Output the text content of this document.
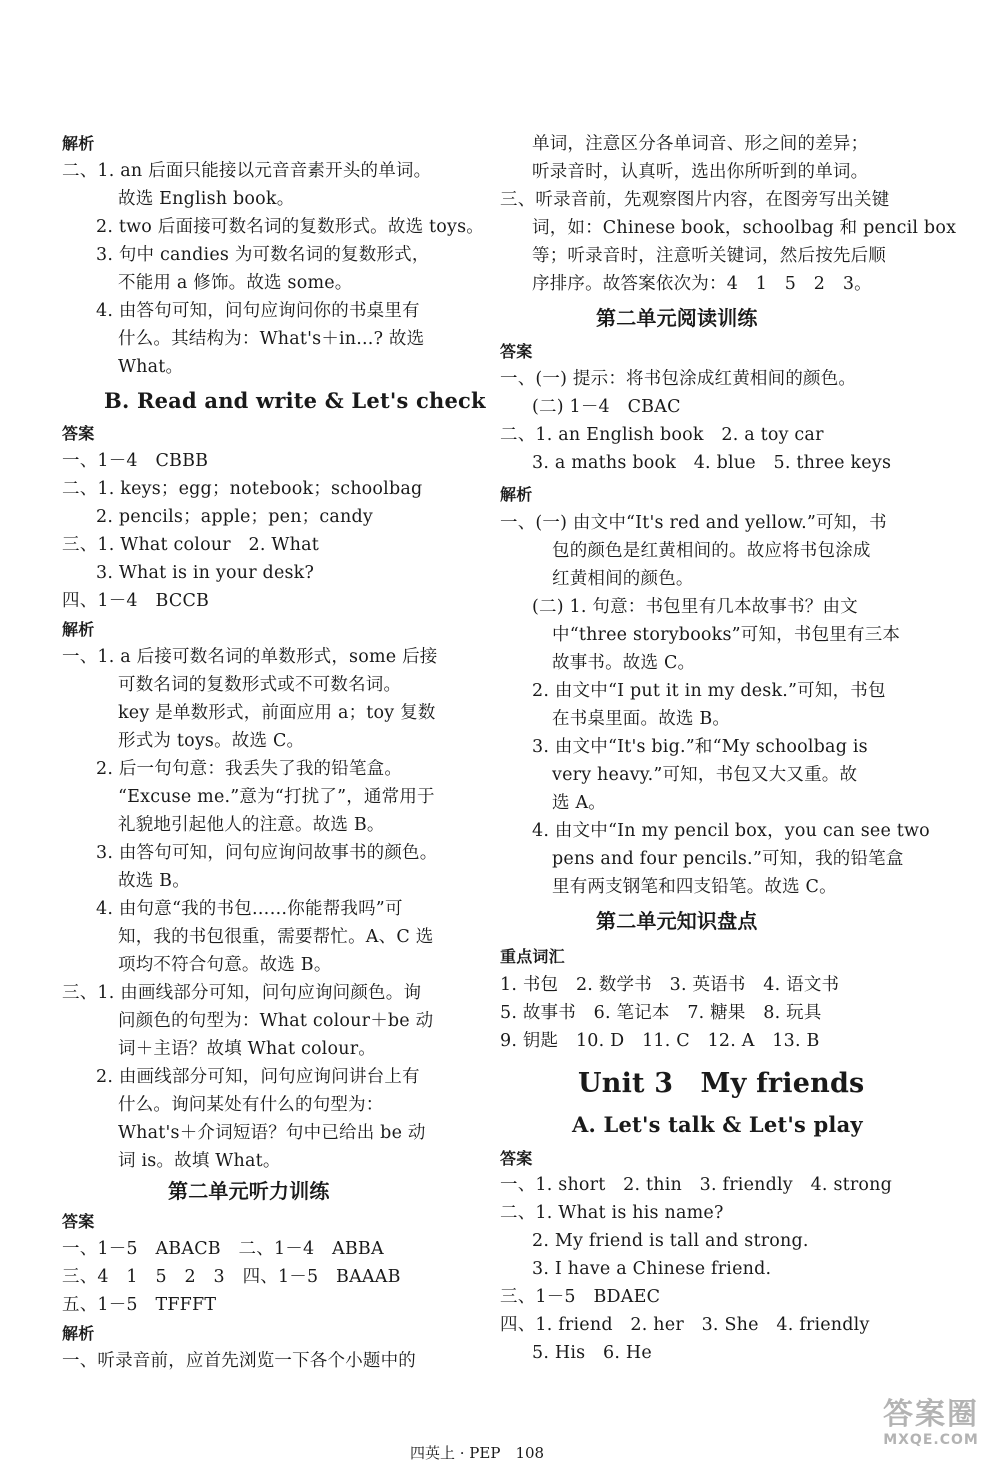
解析
二、1. an 后面只能接以元音音素开头的单词。
故选 English book。
2. two 后面接可数名词的复数形式。故选 toys。
3. 句中 candies 为可数名词的复数形式，
不能用 a 修饰。故选 some。
4. 由答句可知，问句应询问你的书桌里有
什么。其结构为：What's＋in...? 故选
What。
B. Read and write & Let's check
答案
一、1－4　CBBB
二、1. keys；egg；notebook；schoolbag
2. pencils；apple；pen；candy
三、1. What colour　2. What
3. What is in your desk?
四、1－4　BCCB
解析
一、1. a 后接可数名词的单数形式，some 后接
可数名词的复数形式或不可数名词。
key 是单数形式，前面应用 a；toy 复数
形式为 toys。故选 C。
2. 后一句句意：我丢失了我的铅笔盒。
“Excuse me.”意为“打扰了”，通常用于
礼貌地引起他人的注意。故选 B。
3. 由答句可知，问句应询问故事书的颜色。
故选 B。
4. 由句意“我的书包……你能帮我吗”可
知，我的书包很重，需要帮忙。A、C 选
项均不符合句意。故选 B。
三、1. 由画线部分可知，问句应询问颜色。询
问颜色的句型为：What colour＋be 动
词＋主语？故填 What colour。
2. 由画线部分可知，问句应询问讲台上有
什么。询问某处有什么的句型为：
What's＋介词短语？句中已给出 be 动
词 is。故填 What。
第二单元听力训练
答案
一、1－5　ABACB　二、1－4　ABBA
三、4　1　5　2　3　四、1－5　BAAAB
五、1－5　TFFFT
解析
一、听录音前，应首先浏览一下各个小题中的
单词，注意区分各单词音、形之间的差异；
听录音时，认真听，选出你所听到的单词。
三、听录音前，先观察图片内容，在图旁写出关键
词，如：Chinese book，schoolbag 和 pencil box
等；听录音时，注意听关键词，然后按先后顺
序排序。故答案依次为：4　1　5　2　3。
第二单元阅读训练
答案
一、(一) 提示：将书包涂成红黄相间的颜色。
(二) 1－4　CBAC
二、1. an English book　2. a toy car
3. a maths book　4. blue　5. three keys
解析
一、(一) 由文中“It's red and yellow.”可知，书
包的颜色是红黄相间的。故应将书包涂成
红黄相间的颜色。
(二) 1. 句意：书包里有几本故事书？由文
中“three storybooks”可知，书包里有三本
故事书。故选 C。
2. 由文中“I put it in my desk.”可知，书包
在书桌里面。故选 B。
3. 由文中“It's big.”和“My schoolbag is
very heavy.”可知，书包又大又重。故
选 A。
4. 由文中“In my pencil box，you can see two
pens and four pencils.”可知，我的铅笔盒
里有两支钢笔和四支铅笔。故选 C。
第二单元知识盘点
重点词汇
1. 书包　2. 数学书　3. 英语书　4. 语文书
5. 故事书　6. 笔记本　7. 糖果　8. 玩具
9. 钥匙　10. D　11. C　12. A　13. B
Unit 3　My friends
A. Let's talk & Let's play
答案
一、1. short　2. thin　3. friendly　4. strong
二、1. What is his name?
2. My friend is tall and strong.
3. I have a Chinese friend.
三、1－5　BDAEC
四、1. friend　2. her　3. She　4. friendly
5. His　6. He
四英上 · PEP　108
答案圈
MXQE.COM
